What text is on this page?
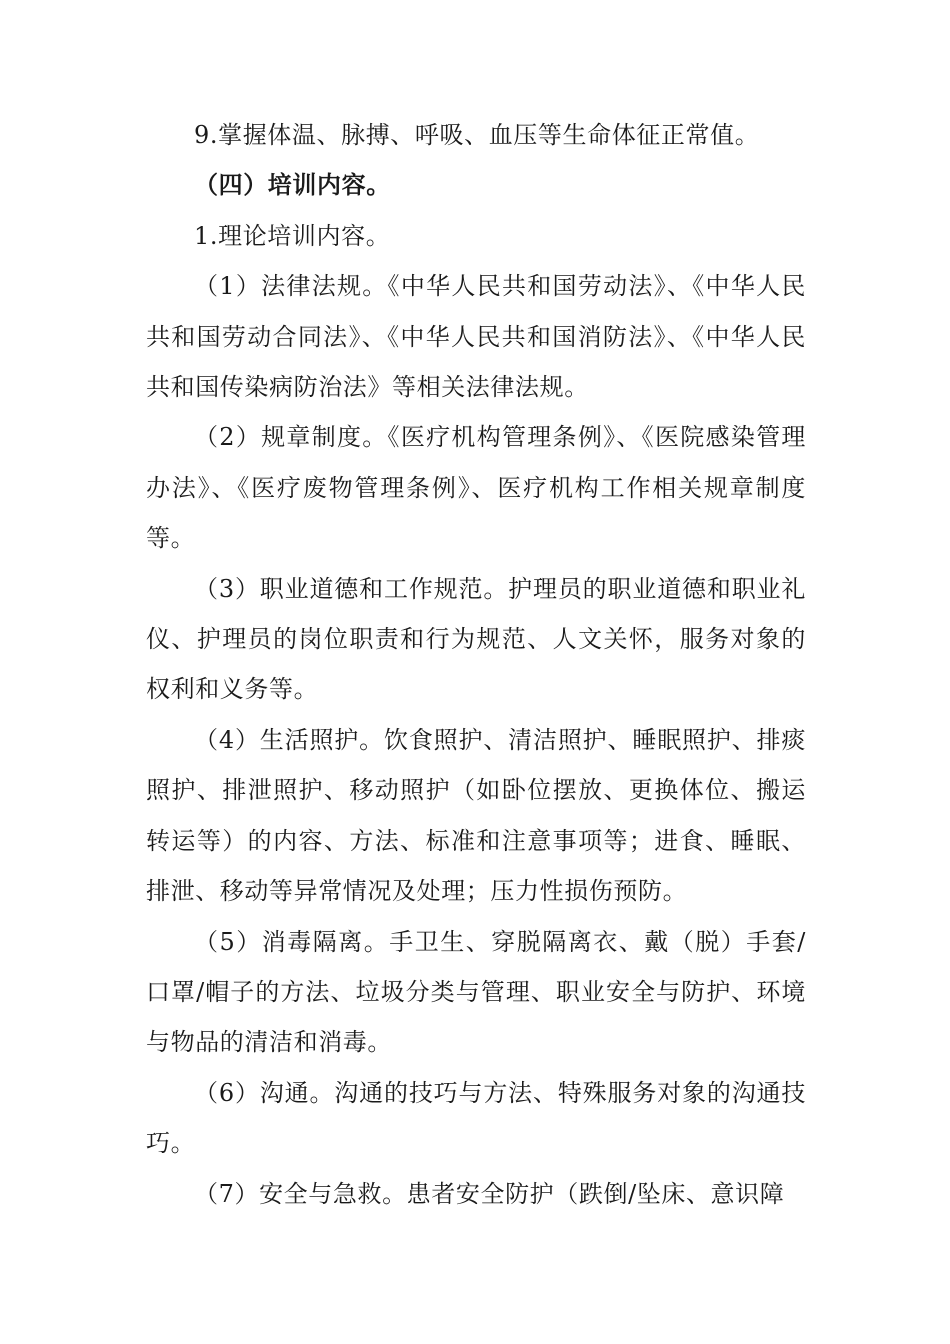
9.掌握体温、脉搏、呼吸、血压等生命体征正常值。

（四）培训内容。

1.理论培训内容。

（1）法律法规。《中华人民共和国劳动法》、《中华人民共和国劳动合同法》、《中华人民共和国消防法》、《中华人民共和国传染病防治法》等相关法律法规。

（2）规章制度。《医疗机构管理条例》、《医院感染管理办法》、《医疗废物管理条例》、医疗机构工作相关规章制度等。

（3）职业道德和工作规范。护理员的职业道德和职业礼仪、护理员的岗位职责和行为规范、人文关怀，服务对象的权利和义务等。

（4）生活照护。饮食照护、清洁照护、睡眠照护、排痰照护、排泄照护、移动照护（如卧位摆放、更换体位、搬运转运等）的内容、方法、标准和注意事项等；进食、睡眠、排泄、移动等异常情况及处理；压力性损伤预防。

（5）消毒隔离。手卫生、穿脱隔离衣、戴（脱）手套/口罩/帽子的方法、垃圾分类与管理、职业安全与防护、环境与物品的清洁和消毒。

（6）沟通。沟通的技巧与方法、特殊服务对象的沟通技巧。

（7）安全与急救。患者安全防护（跌倒/坠床、意识障
